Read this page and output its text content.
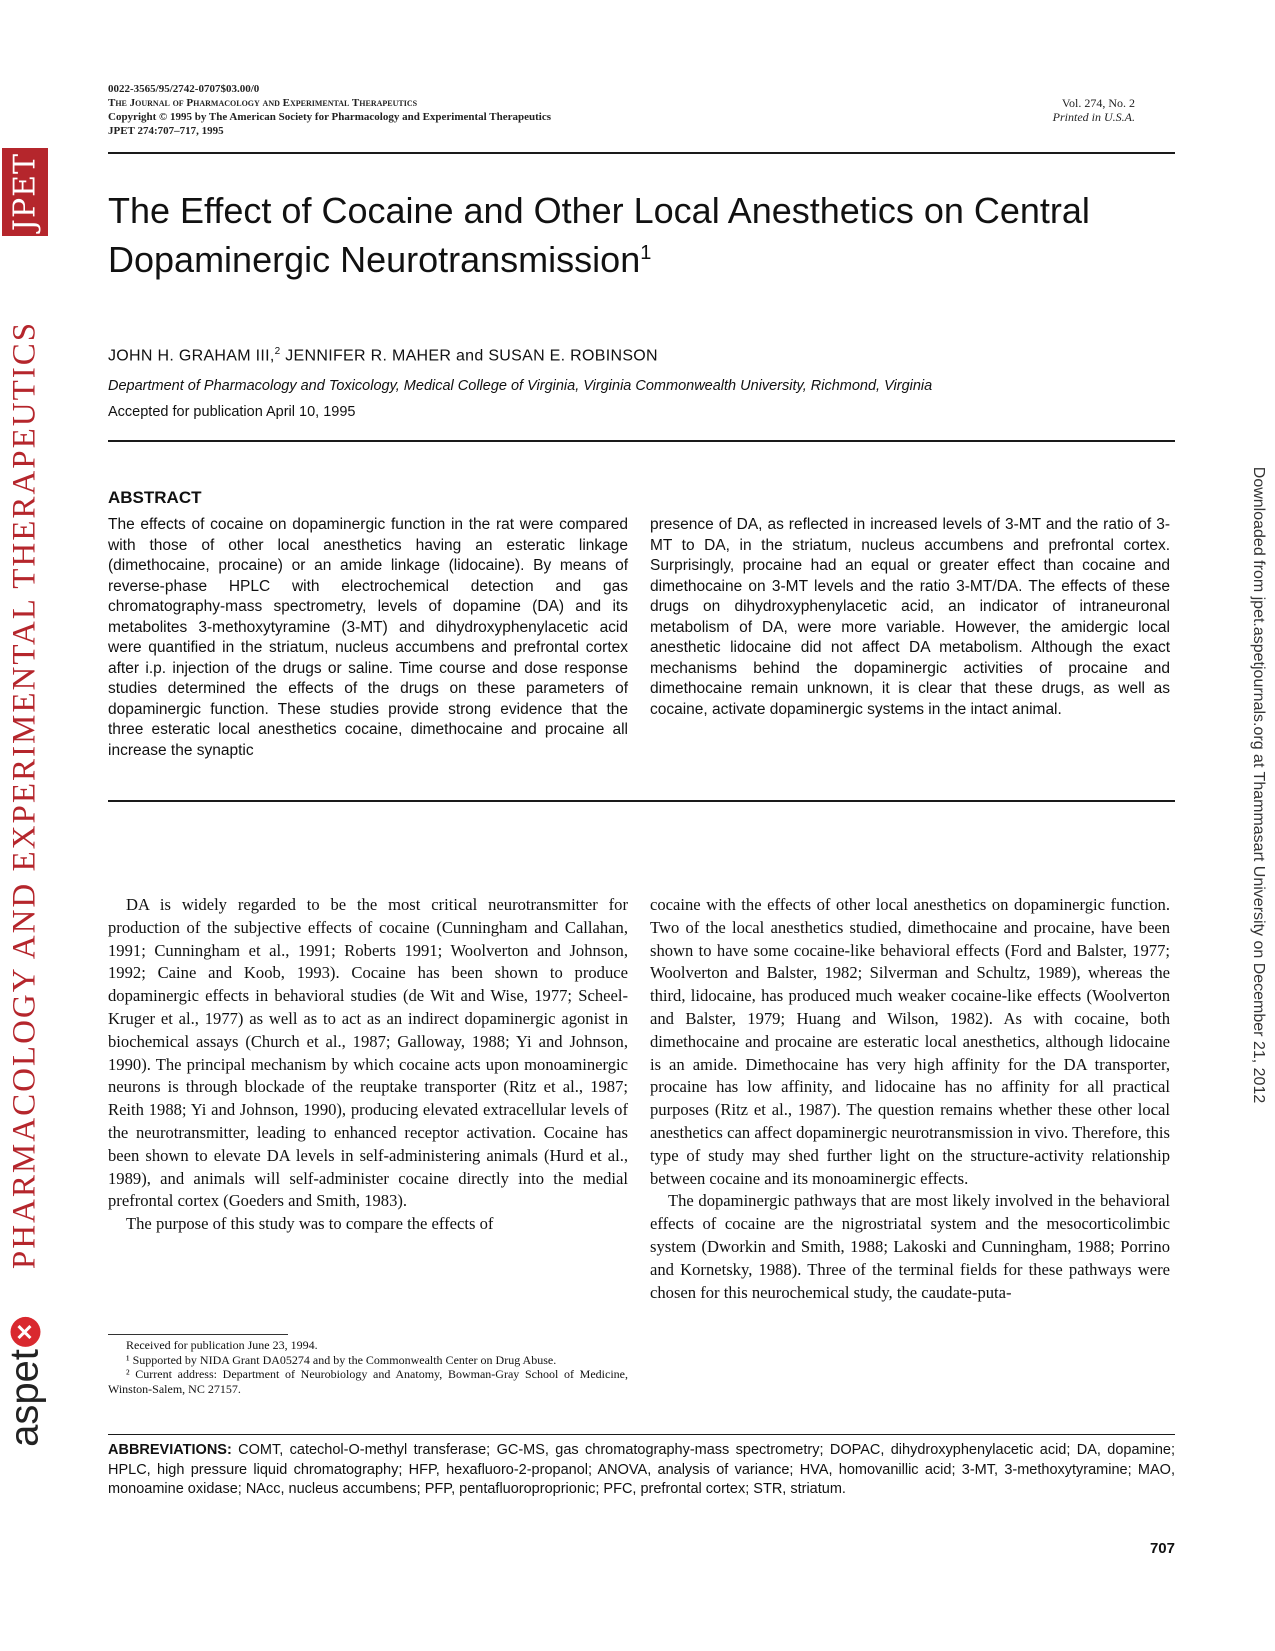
JPET
PHARMACOLOGY AND EXPERIMENTAL THERAPEUTICS
aspet
✕
Downloaded from jpet.aspetjournals.org at Thammasart University on December 21, 2012
0022-3565/95/2742-0707$03.00/0
The Journal of Pharmacology and Experimental Therapeutics
Copyright © 1995 by The American Society for Pharmacology and Experimental Therapeutics
JPET 274:707–717, 1995
Vol. 274, No. 2
Printed in U.S.A.
The Effect of Cocaine and Other Local Anesthetics on Central
Dopaminergic Neurotransmission$^1$
JOHN H. GRAHAM III,$^2$ JENNIFER R. MAHER and SUSAN E. ROBINSON
Department of Pharmacology and Toxicology, Medical College of Virginia, Virginia Commonwealth University, Richmond, Virginia
Accepted for publication April 10, 1995
ABSTRACT
The effects of cocaine on dopaminergic function in the rat were compared with those of other local anesthetics having an esteratic linkage (dimethocaine, procaine) or an amide linkage (lidocaine). By means of reverse-phase HPLC with electrochemical detection and gas chromatography-mass spectrometry, levels of dopamine (DA) and its metabolites 3-methoxytyramine (3-MT) and dihydroxyphenylacetic acid were quantified in the striatum, nucleus accumbens and prefrontal cortex after i.p. injection of the drugs or saline. Time course and dose response studies determined the effects of the drugs on these parameters of dopaminergic function. These studies provide strong evidence that the three esteratic local anesthetics cocaine, dimethocaine and procaine all increase the synaptic
presence of DA, as reflected in increased levels of 3-MT and the ratio of 3-MT to DA, in the striatum, nucleus accumbens and prefrontal cortex. Surprisingly, procaine had an equal or greater effect than cocaine and dimethocaine on 3-MT levels and the ratio 3-MT/DA. The effects of these drugs on dihydroxyphenylacetic acid, an indicator of intraneuronal metabolism of DA, were more variable. However, the amidergic local anesthetic lidocaine did not affect DA metabolism. Although the exact mechanisms behind the dopaminergic activities of procaine and dimethocaine remain unknown, it is clear that these drugs, as well as cocaine, activate dopaminergic systems in the intact animal.

DA is widely regarded to be the most critical neurotransmitter for production of the subjective effects of cocaine (Cunningham and Callahan, 1991; Cunningham et al., 1991; Roberts 1991; Woolverton and Johnson, 1992; Caine and Koob, 1993). Cocaine has been shown to produce dopaminergic effects in behavioral studies (de Wit and Wise, 1977; Scheel-Kruger et al., 1977) as well as to act as an indirect dopaminergic agonist in biochemical assays (Church et al., 1987; Galloway, 1988; Yi and Johnson, 1990). The principal mechanism by which cocaine acts upon monoaminergic neurons is through blockade of the reuptake transporter (Ritz et al., 1987; Reith 1988; Yi and Johnson, 1990), producing elevated extracellular levels of the neurotransmitter, leading to enhanced receptor activation. Cocaine has been shown to elevate DA levels in self-administering animals (Hurd et al., 1989), and animals will self-administer cocaine directly into the medial prefrontal cortex (Goeders and Smith, 1983).

The purpose of this study was to compare the effects of

cocaine with the effects of other local anesthetics on dopaminergic function. Two of the local anesthetics studied, dimethocaine and procaine, have been shown to have some cocaine-like behavioral effects (Ford and Balster, 1977; Woolverton and Balster, 1982; Silverman and Schultz, 1989), whereas the third, lidocaine, has produced much weaker cocaine-like effects (Woolverton and Balster, 1979; Huang and Wilson, 1982). As with cocaine, both dimethocaine and procaine are esteratic local anesthetics, although lidocaine is an amide. Dimethocaine has very high affinity for the DA transporter, procaine has low affinity, and lidocaine has no affinity for all practical purposes (Ritz et al., 1987). The question remains whether these other local anesthetics can affect dopaminergic neurotransmission in vivo. Therefore, this type of study may shed further light on the structure-activity relationship between cocaine and its monoaminergic effects.

The dopaminergic pathways that are most likely involved in the behavioral effects of cocaine are the nigrostriatal system and the mesocorticolimbic system (Dworkin and Smith, 1988; Lakoski and Cunningham, 1988; Porrino and Kornetsky, 1988). Three of the terminal fields for these pathways were chosen for this neurochemical study, the caudate-puta-

Received for publication June 23, 1994.

¹ Supported by NIDA Grant DA05274 and by the Commonwealth Center on Drug Abuse.

² Current address: Department of Neurobiology and Anatomy, Bowman-Gray School of Medicine, Winston-Salem, NC 27157.

ABBREVIATIONS: COMT, catechol-O-methyl transferase; GC-MS, gas chromatography-mass spectrometry; DOPAC, dihydroxyphenylacetic acid; DA, dopamine; HPLC, high pressure liquid chromatography; HFP, hexafluoro-2-propanol; ANOVA, analysis of variance; HVA, homovanillic acid; 3-MT, 3-methoxytyramine; MAO, monoamine oxidase; NAcc, nucleus accumbens; PFP, pentafluoroproprionic; PFC, prefrontal cortex; STR, striatum.
707
